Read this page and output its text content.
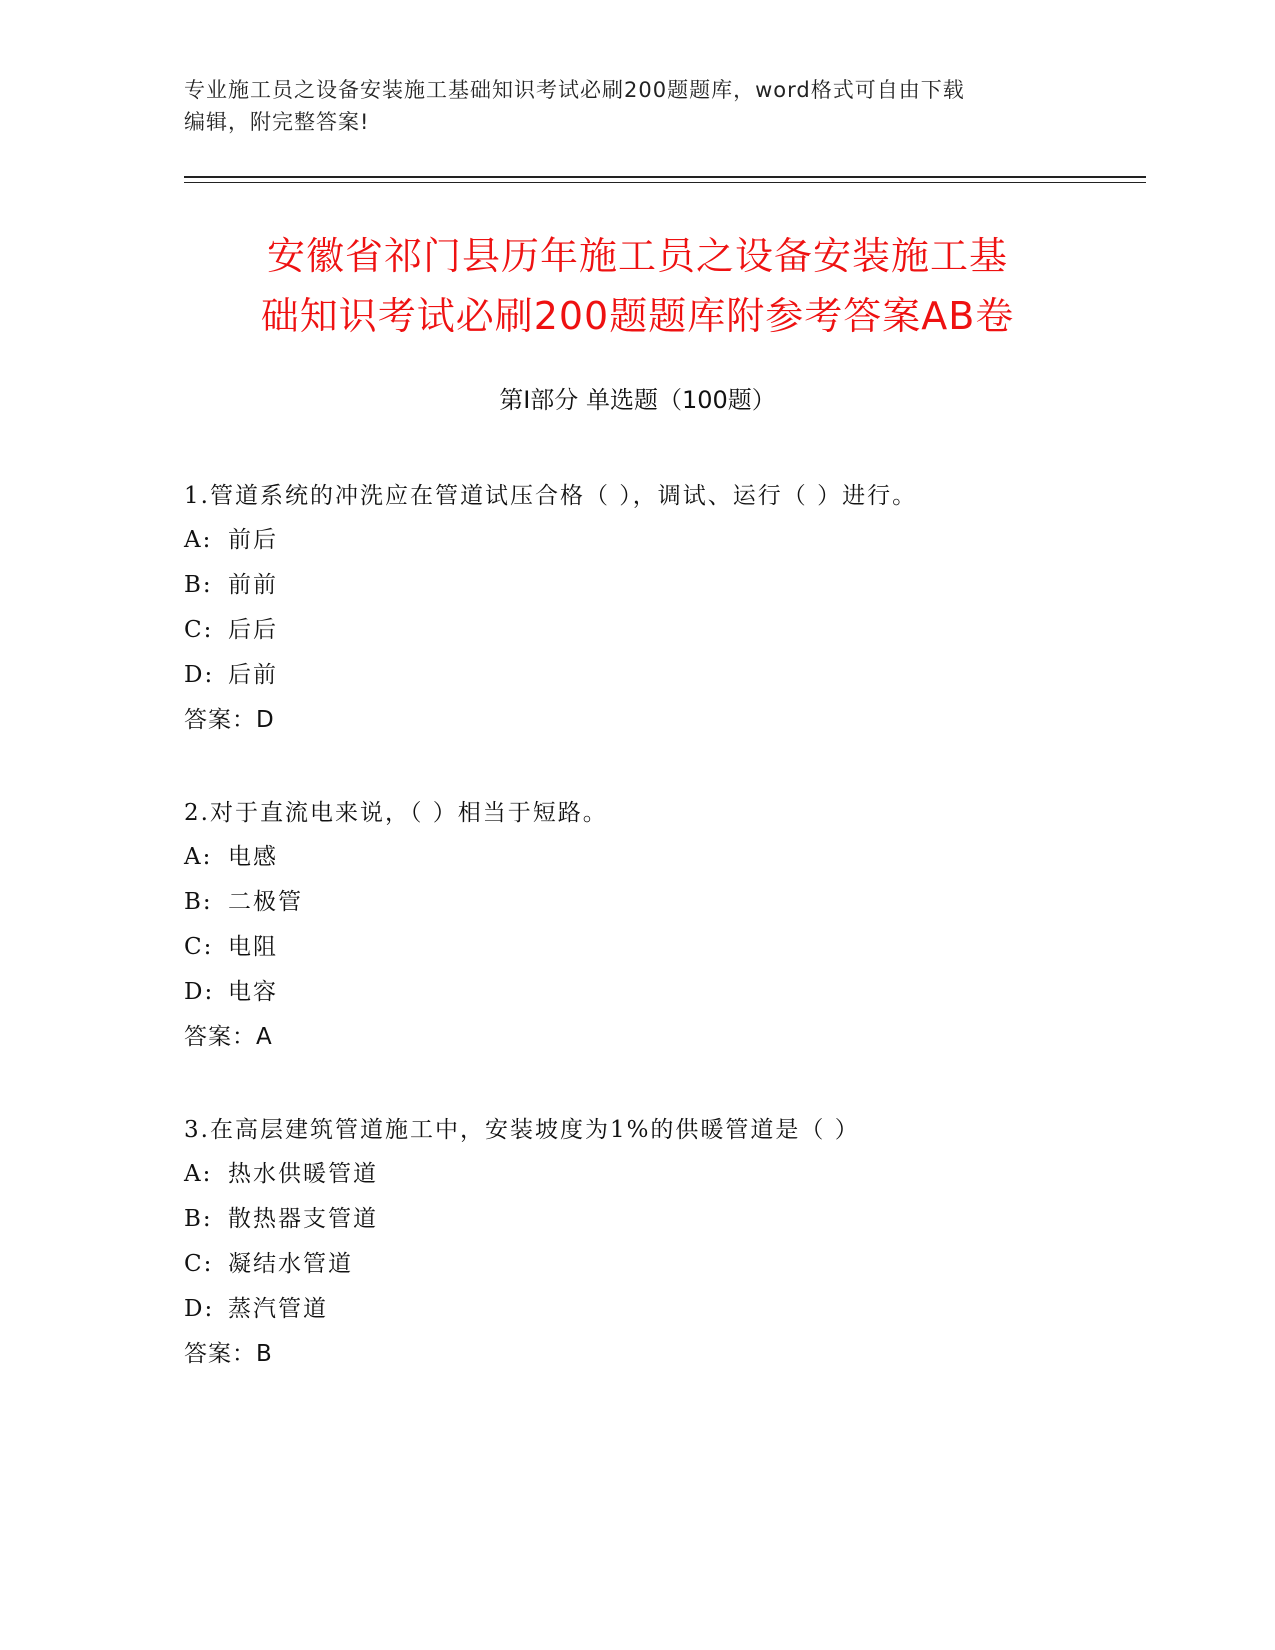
专业施工员之设备安装施工基础知识考试必刷200题题库，word格式可自由下载
编辑，附完整答案!
安徽省祁门县历年施工员之设备安装施工基
础知识考试必刷200题题库附参考答案AB卷
第Ⅰ部分 单选题（100题）
1.管道系统的冲洗应在管道试压合格（ ），调试、运行（ ）进行。
A: 前后
B: 前前
C: 后后
D: 后前
答案：D
2.对于直流电来说，（ ）相当于短路。
A: 电感
B: 二极管
C: 电阻
D: 电容
答案：A
3.在高层建筑管道施工中，安装坡度为1%的供暖管道是（ ）
A: 热水供暖管道
B: 散热器支管道
C: 凝结水管道
D: 蒸汽管道
答案：B
